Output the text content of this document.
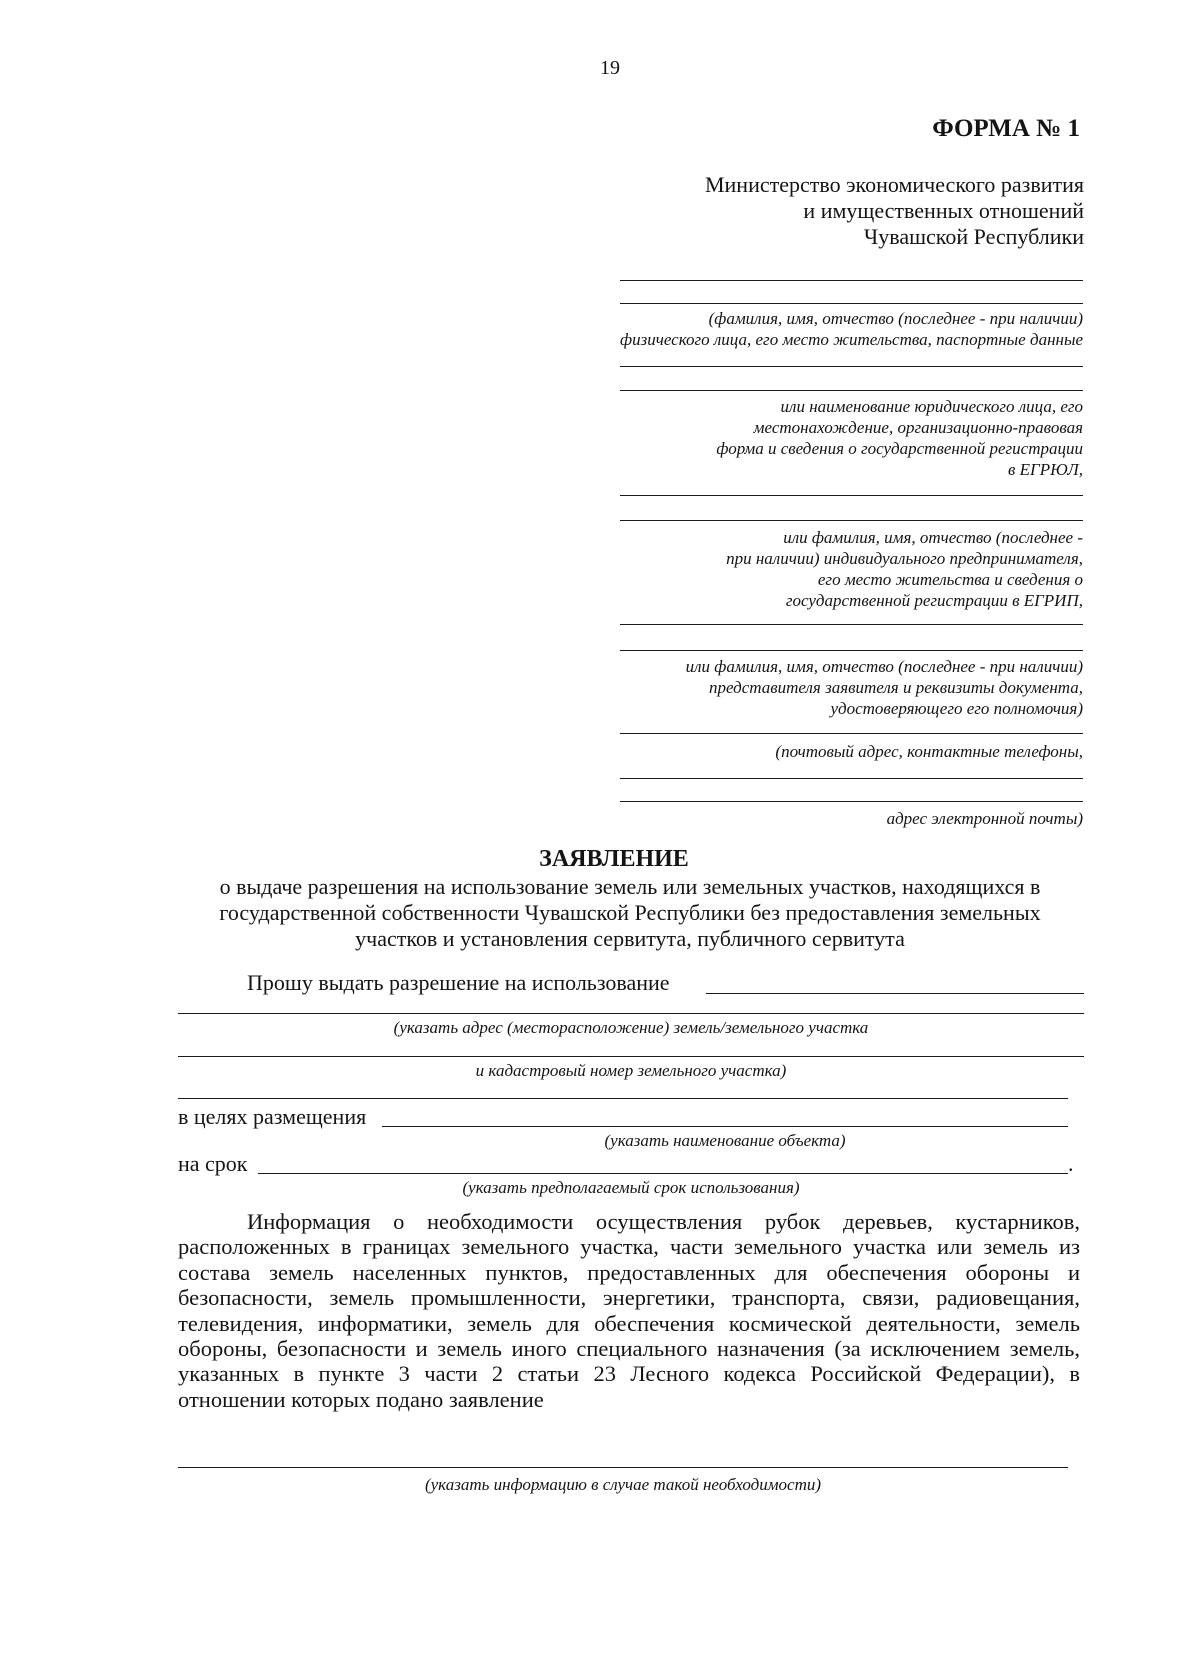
19
ФОРМА № 1
Министерство экономического развития
и имущественных отношений
Чувашской Республики
(фамилия, имя, отчество (последнее - при наличии)
физического лица, его место жительства, паспортные данные
или наименование юридического лица, его
местонахождение, организационно-правовая
форма и сведения о государственной регистрации
в ЕГРЮЛ,
или фамилия, имя, отчество (последнее -
при наличии) индивидуального предпринимателя,
его место жительства и сведения о
государственной регистрации в ЕГРИП,
или фамилия, имя, отчество (последнее - при наличии)
представителя заявителя и реквизиты документа,
удостоверяющего его полномочия)
(почтовый адрес, контактные телефоны,
адрес электронной почты)
ЗАЯВЛЕНИЕ
о выдаче разрешения на использование земель или земельных участков, находящихся в государственной собственности Чувашской Республики без предоставления земельных участков и установления сервитута, публичного сервитута
Прошу выдать разрешение на использование
(указать адрес (месторасположение) земель/земельного участка
и кадастровый номер земельного участка)
в целях размещения
(указать наименование объекта)
на срок	.
(указать предполагаемый срок использования)
Информация о необходимости осуществления рубок деревьев, кустарников, расположенных в границах земельного участка, части земельного участка или земель из состава земель населенных пунктов, предоставленных для обеспечения обороны и безопасности, земель промышленности, энергетики, транспорта, связи, радиовещания, телевидения, информатики, земель для обеспечения космической деятельности, земель обороны, безопасности и земель иного специального назначения (за исключением земель, указанных в пункте 3 части 2 статьи 23 Лесного кодекса Российской Федерации), в отношении которых подано заявление
(указать информацию в случае такой необходимости)
